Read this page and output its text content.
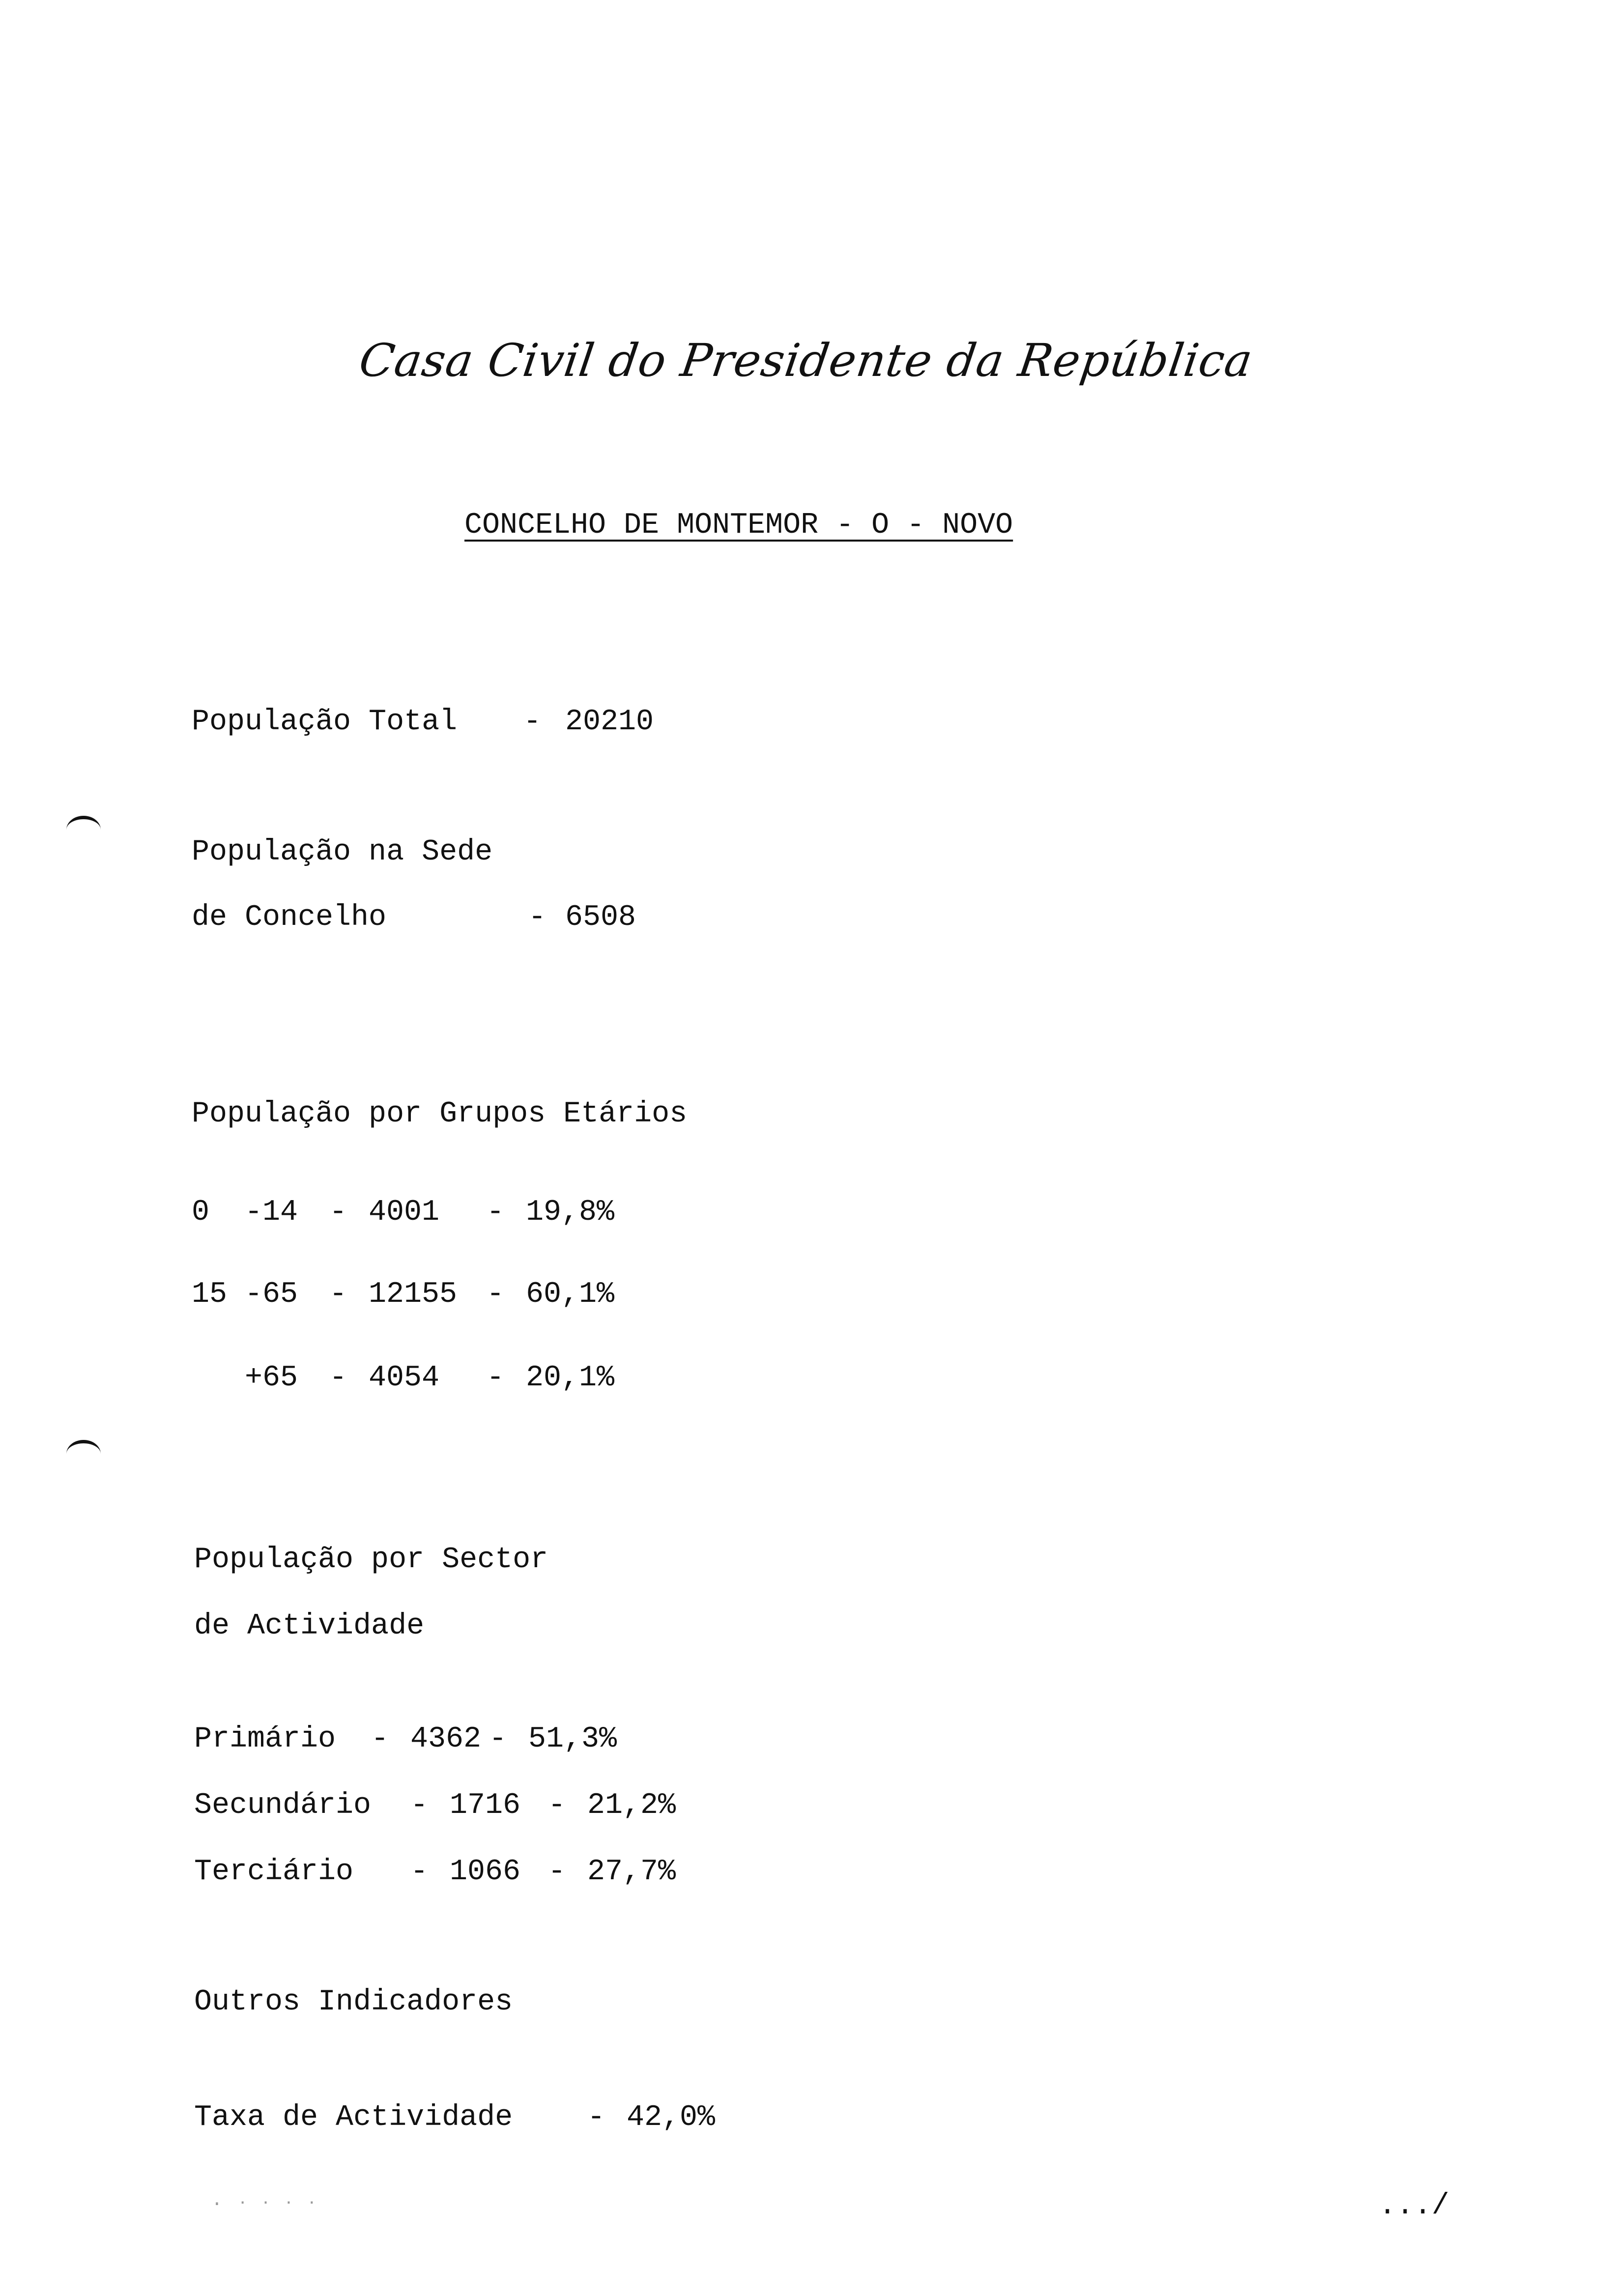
Casa Civil do Presidente da República
CONCELHO DE MONTEMOR - O - NOVO
População Total - 20210
População na Sede
de Concelho	- 6508
População por Grupos Etários
0  -14 - 4001 - 19,8%
15 -65 - 12155 - 60,1%
+65 - 4054 - 20,1%
População por Sector
de Actividade
Primário - 4362 - 51,3%
Secundário - 1716 - 21,2%
Terciário - 1066 - 27,7%
Outros Indicadores
Taxa de Actividade	- 42,0%
.../
· ⋅ ⋅ ⋅ ⋅
